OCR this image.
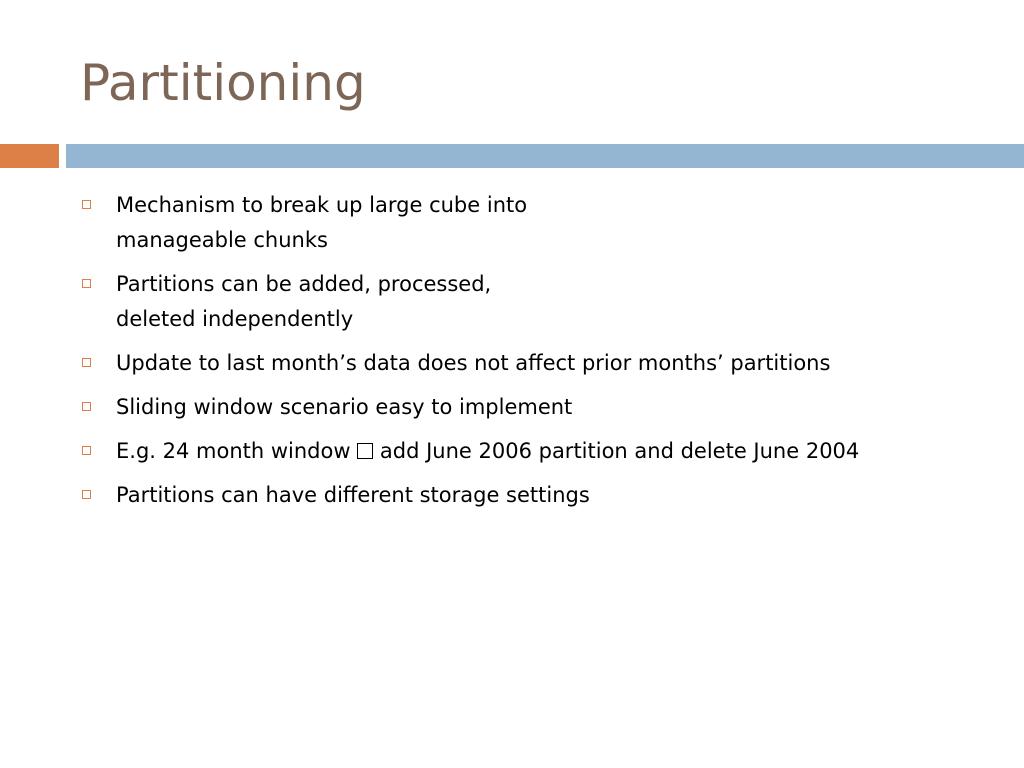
Partitioning
Mechanism to break up large cube into
manageable chunks
Partitions can be added, processed,
deleted independently
Update to last month’s data does not affect prior months’ partitions
Sliding window scenario easy to implement
E.g. 24 month window  add June 2006 partition and delete June 2004
Partitions can have different storage settings
